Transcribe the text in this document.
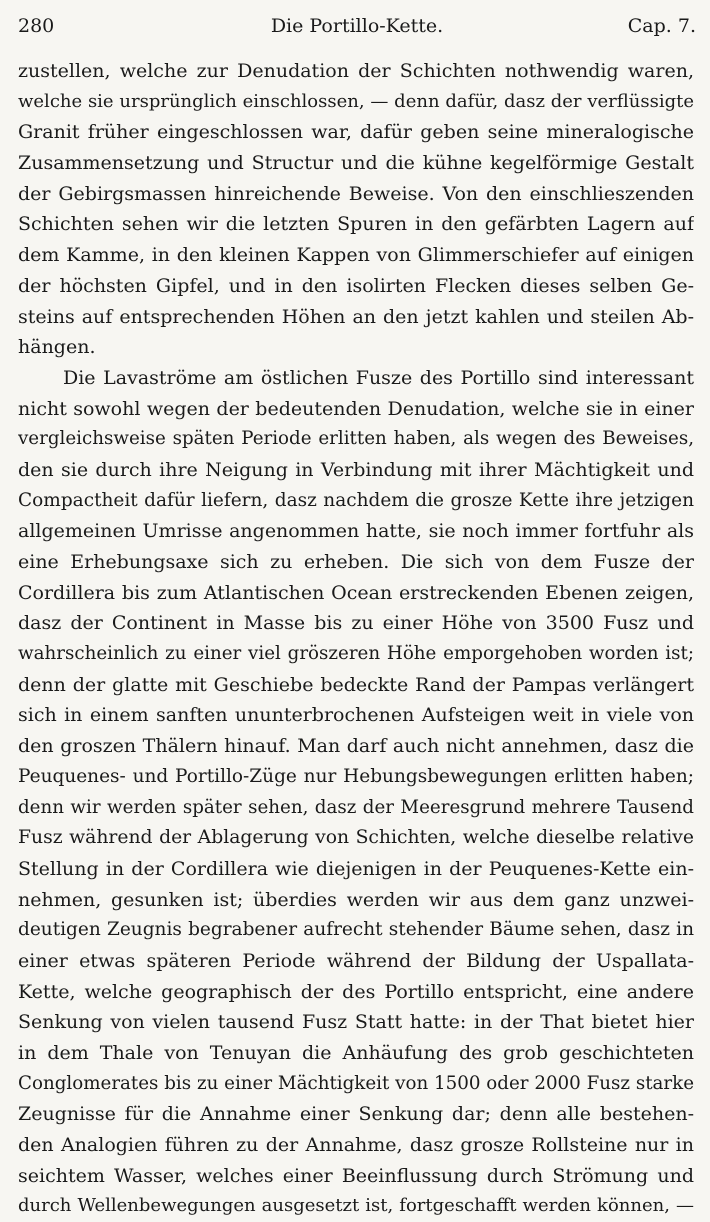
280	Die Portillo-Kette.	Cap. 7.
zustellen, welche zur Denudation der Schichten nothwendig waren,
welche sie ursprünglich einschlossen, — denn dafür, dasz der verflüssigte
Granit früher eingeschlossen war, dafür geben seine mineralogische
Zusammensetzung und Structur und die kühne kegelförmige Gestalt
der Gebirgsmassen hinreichende Beweise. Von den einschlieszenden
Schichten sehen wir die letzten Spuren in den gefärbten Lagern auf
dem Kamme, in den kleinen Kappen von Glimmerschiefer auf einigen
der höchsten Gipfel, und in den isolirten Flecken dieses selben Ge-
steins auf entsprechenden Höhen an den jetzt kahlen und steilen Ab-
hängen.
Die Lavaströme am östlichen Fusze des Portillo sind interessant
nicht sowohl wegen der bedeutenden Denudation, welche sie in einer
vergleichsweise späten Periode erlitten haben, als wegen des Beweises,
den sie durch ihre Neigung in Verbindung mit ihrer Mächtigkeit und
Compactheit dafür liefern, dasz nachdem die grosze Kette ihre jetzigen
allgemeinen Umrisse angenommen hatte, sie noch immer fortfuhr als
eine Erhebungsaxe sich zu erheben. Die sich von dem Fusze der
Cordillera bis zum Atlantischen Ocean erstreckenden Ebenen zeigen,
dasz der Continent in Masse bis zu einer Höhe von 3500 Fusz und
wahrscheinlich zu einer viel gröszeren Höhe emporgehoben worden ist;
denn der glatte mit Geschiebe bedeckte Rand der Pampas verlängert
sich in einem sanften ununterbrochenen Aufsteigen weit in viele von
den groszen Thälern hinauf. Man darf auch nicht annehmen, dasz die
Peuquenes- und Portillo-Züge nur Hebungsbewegungen erlitten haben;
denn wir werden später sehen, dasz der Meeresgrund mehrere Tausend
Fusz während der Ablagerung von Schichten, welche dieselbe relative
Stellung in der Cordillera wie diejenigen in der Peuquenes-Kette ein-
nehmen, gesunken ist; überdies werden wir aus dem ganz unzwei-
deutigen Zeugnis begrabener aufrecht stehender Bäume sehen, dasz in
einer etwas späteren Periode während der Bildung der Uspallata-
Kette, welche geographisch der des Portillo entspricht, eine andere
Senkung von vielen tausend Fusz Statt hatte: in der That bietet hier
in dem Thale von Tenuyan die Anhäufung des grob geschichteten
Conglomerates bis zu einer Mächtigkeit von 1500 oder 2000 Fusz starke
Zeugnisse für die Annahme einer Senkung dar; denn alle bestehen-
den Analogien führen zu der Annahme, dasz grosze Rollsteine nur in
seichtem Wasser, welches einer Beeinflussung durch Strömung und
durch Wellenbewegungen ausgesetzt ist, fortgeschafft werden können, —
